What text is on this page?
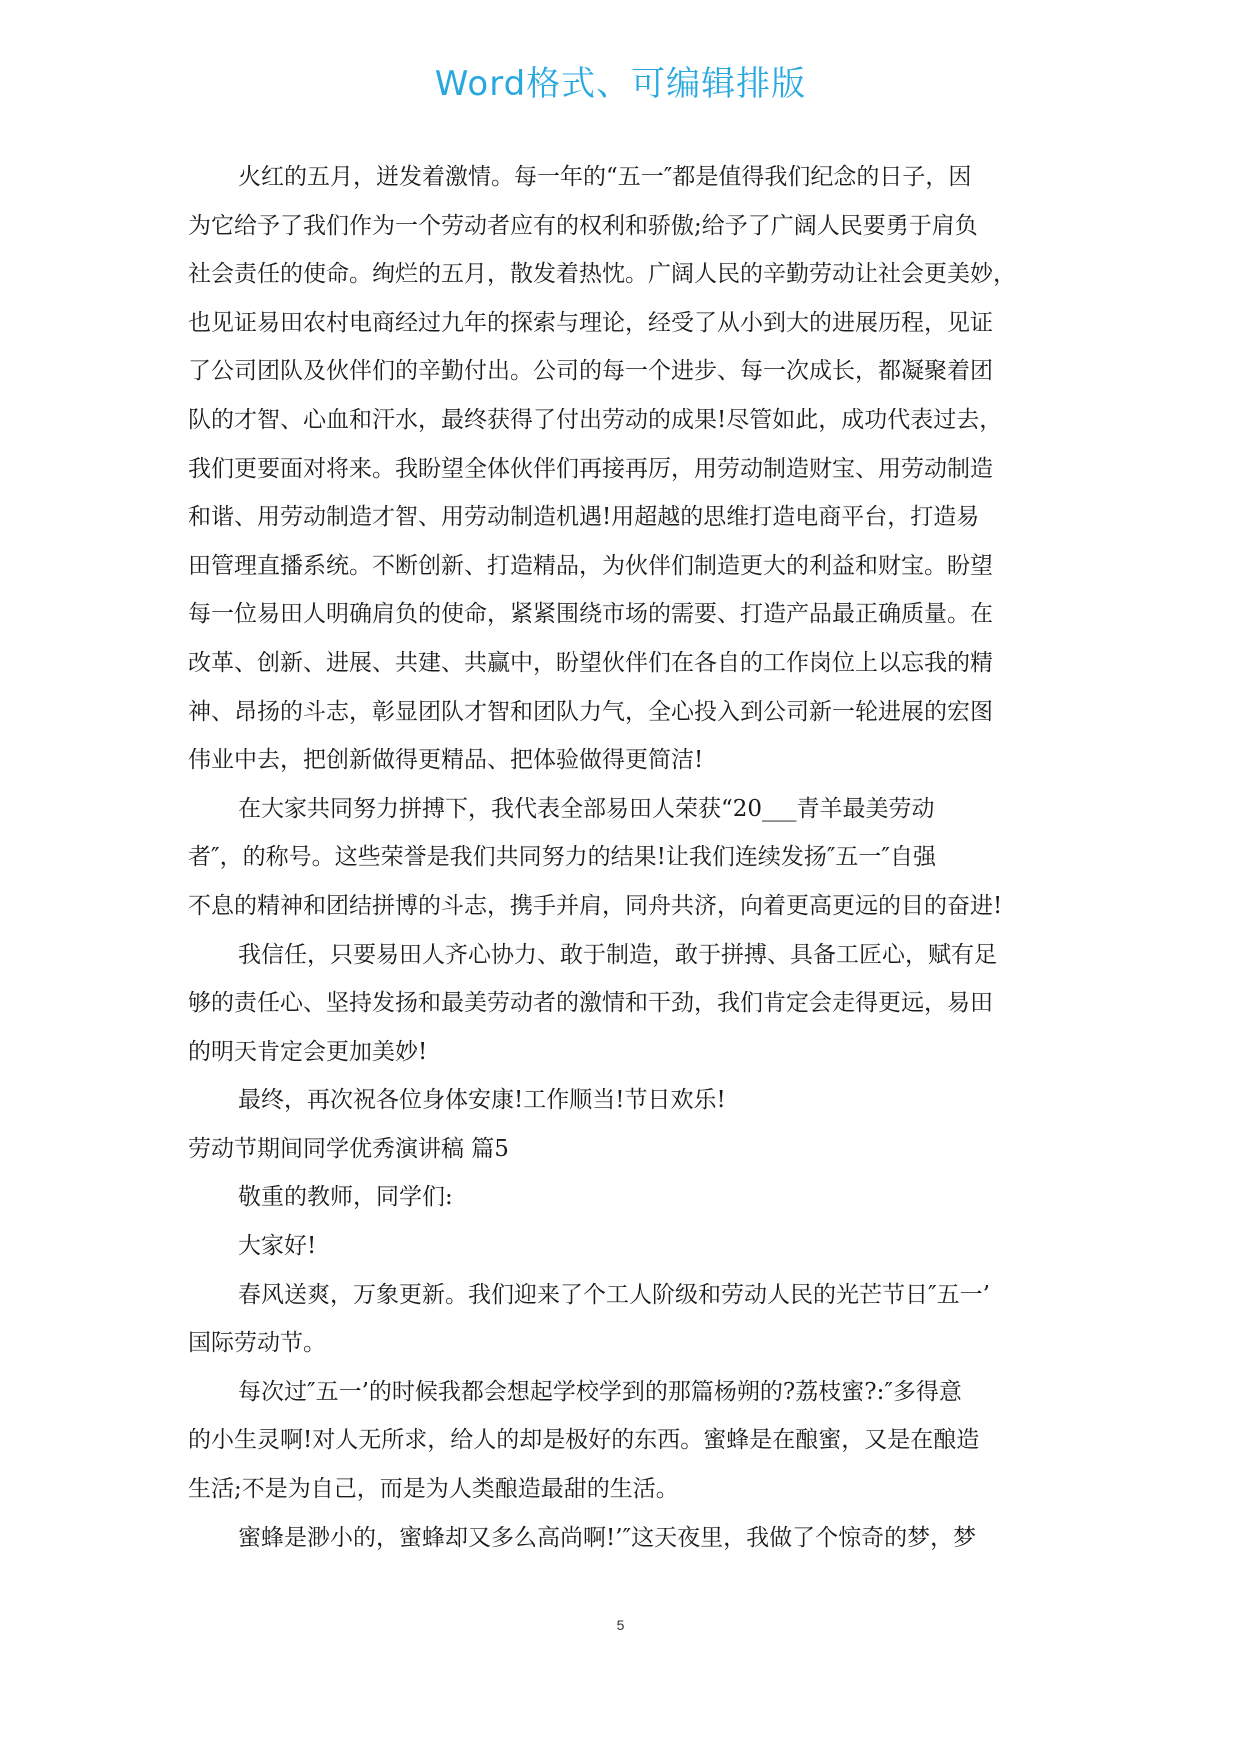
Word格式、可编辑排版
火红的五月，迸发着激情。每一年的“五一″都是值得我们纪念的日子，因
为它给予了我们作为一个劳动者应有的权利和骄傲;给予了广阔人民要勇于肩负
社会责任的使命。绚烂的五月，散发着热忱。广阔人民的辛勤劳动让社会更美妙，
也见证易田农村电商经过九年的探索与理论，经受了从小到大的进展历程，见证
了公司团队及伙伴们的辛勤付出。公司的每一个进步、每一次成长，都凝聚着团
队的才智、心血和汗水，最终获得了付出劳动的成果!尽管如此，成功代表过去，
我们更要面对将来。我盼望全体伙伴们再接再厉，用劳动制造财宝、用劳动制造
和谐、用劳动制造才智、用劳动制造机遇!用超越的思维打造电商平台，打造易
田管理直播系统。不断创新、打造精品，为伙伴们制造更大的利益和财宝。盼望
每一位易田人明确肩负的使命，紧紧围绕市场的需要、打造产品最正确质量。在
改革、创新、进展、共建、共赢中，盼望伙伴们在各自的工作岗位上以忘我的精
神、昂扬的斗志，彰显团队才智和团队力气，全心投入到公司新一轮进展的宏图
伟业中去，把创新做得更精品、把体验做得更简洁!
在大家共同努力拼搏下，我代表全部易田人荣获“20___青羊最美劳动
者″，的称号。这些荣誉是我们共同努力的结果!让我们连续发扬″五一″自强
不息的精神和团结拼博的斗志，携手并肩，同舟共济，向着更高更远的目的奋进!
我信任，只要易田人齐心协力、敢于制造，敢于拼搏、具备工匠心，赋有足
够的责任心、坚持发扬和最美劳动者的激情和干劲，我们肯定会走得更远，易田
的明天肯定会更加美妙!
最终，再次祝各位身体安康!工作顺当!节日欢乐!
劳动节期间同学优秀演讲稿 篇5
敬重的教师，同学们:
大家好!
春风送爽，万象更新。我们迎来了个工人阶级和劳动人民的光芒节日″五一’
国际劳动节。
每次过″五一’的时候我都会想起学校学到的那篇杨朔的?荔枝蜜?:″多得意
的小生灵啊!对人无所求，给人的却是极好的东西。蜜蜂是在酿蜜，又是在酿造
生活;不是为自己，而是为人类酿造最甜的生活。
蜜蜂是渺小的，蜜蜂却又多么高尚啊!’″这天夜里，我做了个惊奇的梦，梦
5
